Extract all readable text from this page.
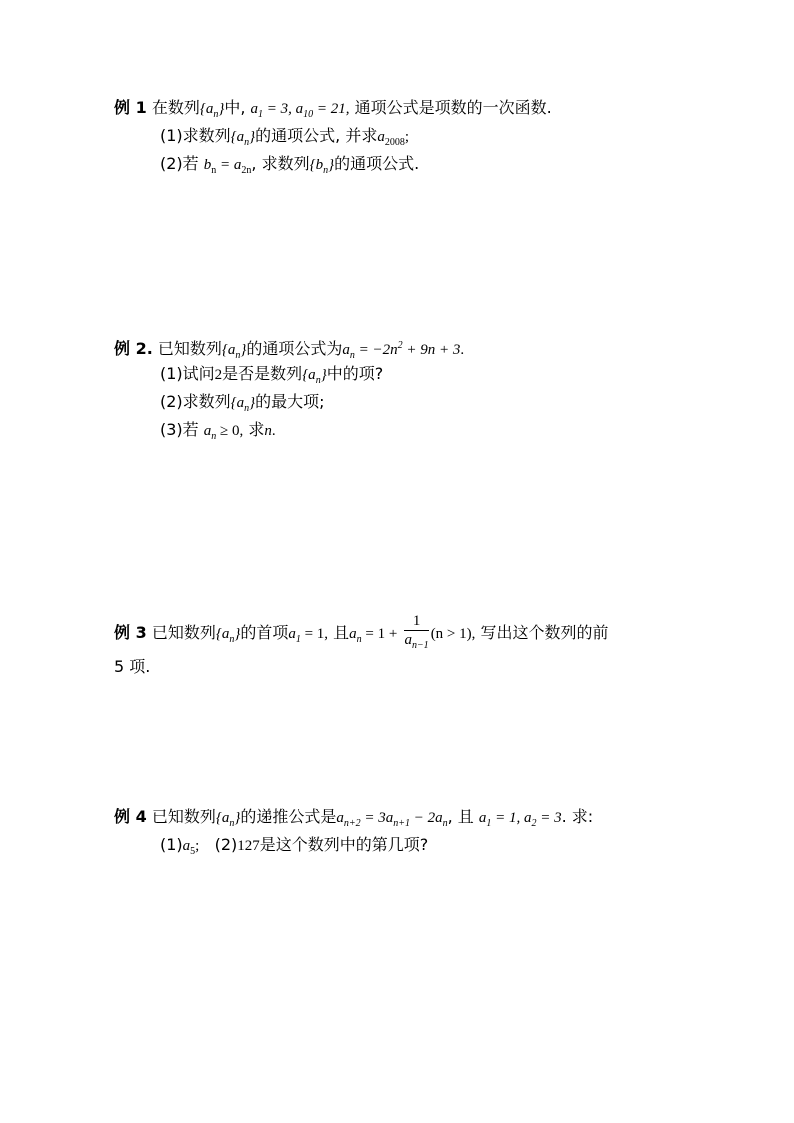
例 1 在数列$\{a_n\}$中, $a_1 = 3$, $a_{10} = 21$, 通项公式是项数的一次函数.
(1)求数列$\{a_n\}$的通项公式, 并求$a_{2008}$;
(2)若 $b_n = a_{2n}$, 求数列$\{b_n\}$的通项公式.
例 2. 已知数列$\{a_n\}$的通项公式为$a_n = -2n^2 + 9n + 3$.
(1)试问2是否是数列$\{a_n\}$中的项?
(2)求数列$\{a_n\}$的最大项;
(3)若 $a_n \ge 0$, 求n.
例 3 已知数列$\{a_n\}$的首项$a_1 = 1$, 且$a_n = 1 + \frac{1}{a_{n-1}} (n > 1)$, 写出这个数列的前
5 项.
例 4 已知数列$\{a_n\}$的递推公式是$a_{n+2} = 3a_{n+1} - 2a_n$, 且 $a_1 = 1$, $a_2 = 3$. 求:
$(1)a_5$; (2)127是这个数列中的第几项?
